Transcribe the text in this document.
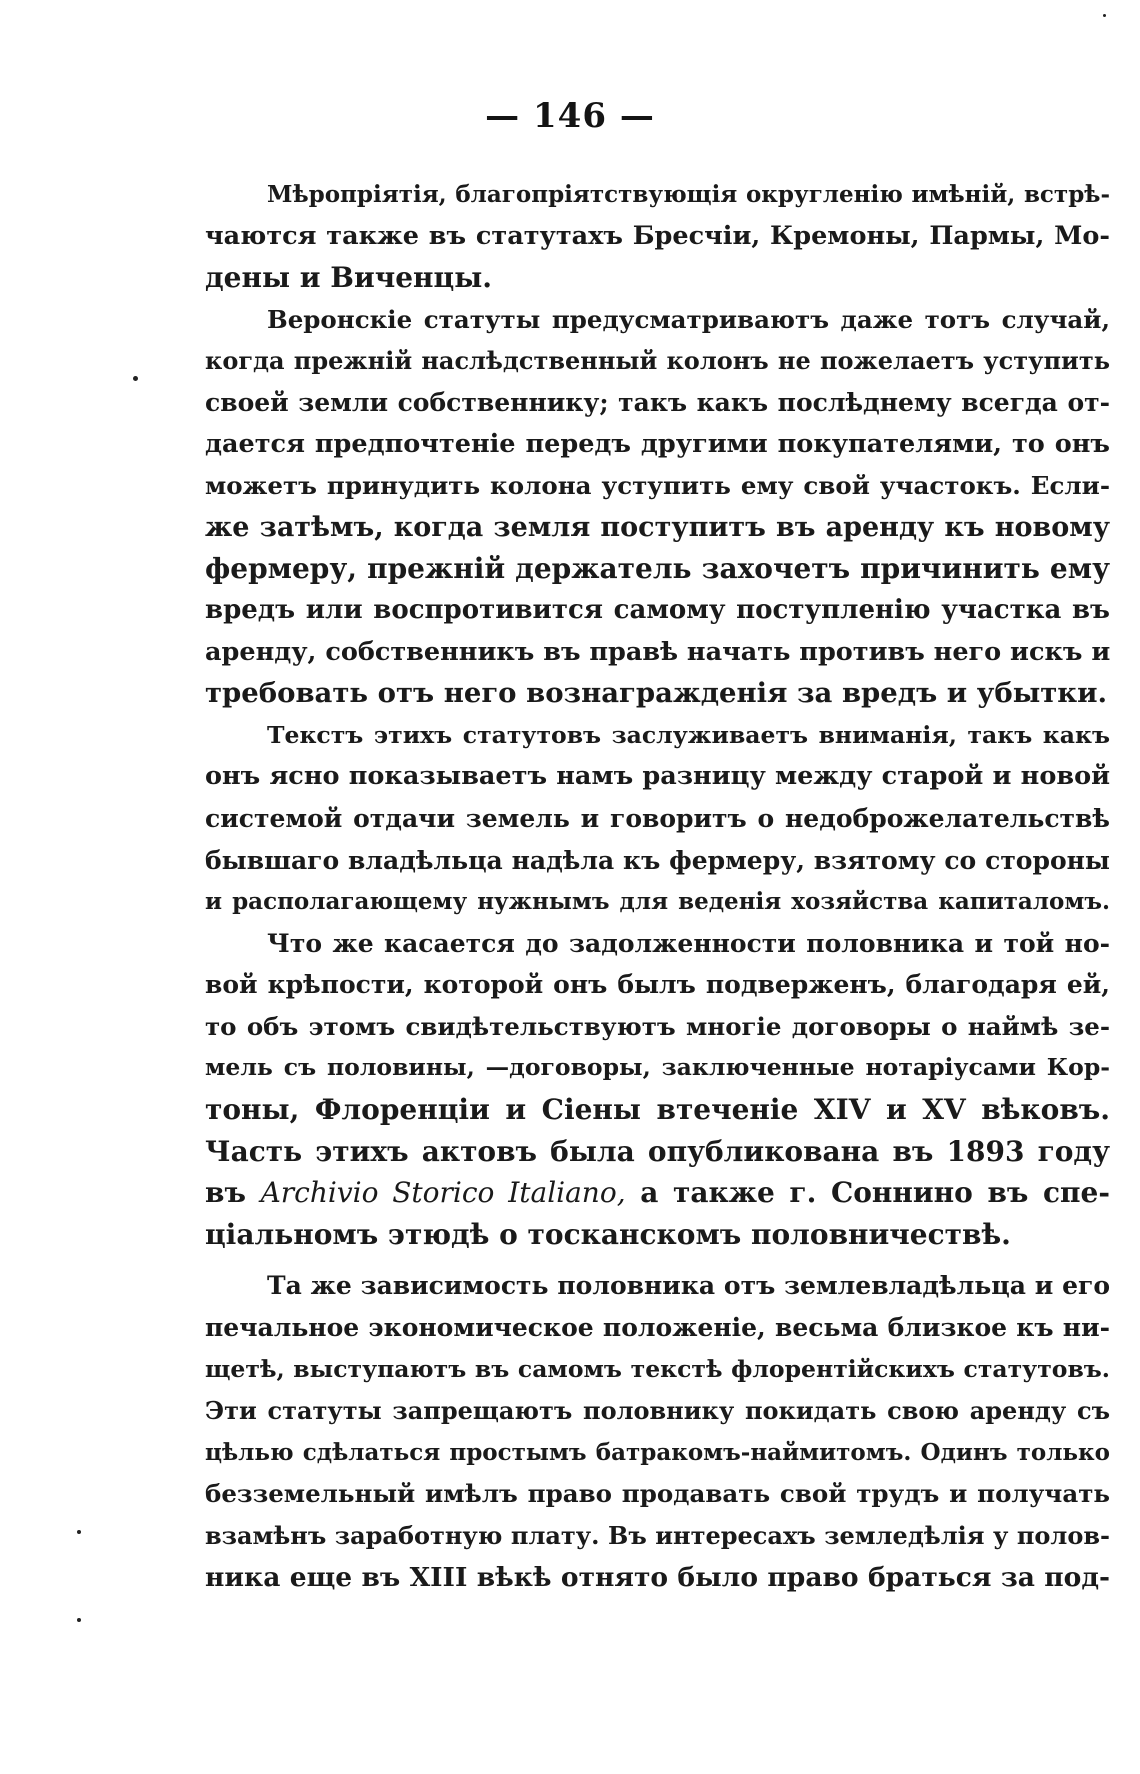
— 146 —
Мѣропріятія, благопріятствующія округленію имѣній, встрѣ-
чаются также въ статутахъ Бресчіи, Кремоны, Пармы, Мо-
дены и Виченцы.
Веронскіе статуты предусматриваютъ даже тотъ случай,
когда прежній наслѣдственный колонъ не пожелаетъ уступить
своей земли собственнику; такъ какъ послѣднему всегда от-
дается предпочтеніе передъ другими покупателями, то онъ
можетъ принудить колона уступить ему свой участокъ. Если-
же затѣмъ, когда земля поступитъ въ аренду къ новому
фермеру, прежній держатель захочетъ причинить ему
вредъ или воспротивится самому поступленію участка въ
аренду, собственникъ въ правѣ начать противъ него искъ и
требовать отъ него вознагражденія за вредъ и убытки.
Текстъ этихъ статутовъ заслуживаетъ вниманія, такъ какъ
онъ ясно показываетъ намъ разницу между старой и новой
системой отдачи земель и говоритъ о недоброжелательствѣ
бывшаго владѣльца надѣла къ фермеру, взятому со стороны
и располагающему нужнымъ для веденія хозяйства капиталомъ.
Что же касается до задолженности половника и той но-
вой крѣпости, которой онъ былъ подверженъ, благодаря ей,
то объ этомъ свидѣтельствуютъ многіе договоры о наймѣ зе-
мель съ половины, —договоры, заключенные нотаріусами Кор-
тоны, Флоренціи и Сіены втеченіе XIV и XV вѣковъ.
Часть этихъ актовъ была опубликована въ 1893 году
въ Archivio Storico Italiano, а также г. Соннино въ спе-
ціальномъ этюдѣ о тосканскомъ половничествѣ.
Та же зависимость половника отъ землевладѣльца и его
печальное экономическое положеніе, весьма близкое къ ни-
щетѣ, выступаютъ въ самомъ текстѣ флорентійскихъ статутовъ.
Эти статуты запрещаютъ половнику покидать свою аренду съ
цѣлью сдѣлаться простымъ батракомъ-наймитомъ. Одинъ только
безземельный имѣлъ право продавать свой трудъ и получать
взамѣнъ заработную плату. Въ интересахъ земледѣлія у полов-
ника еще въ XIII вѣкѣ отнято было право браться за под-
